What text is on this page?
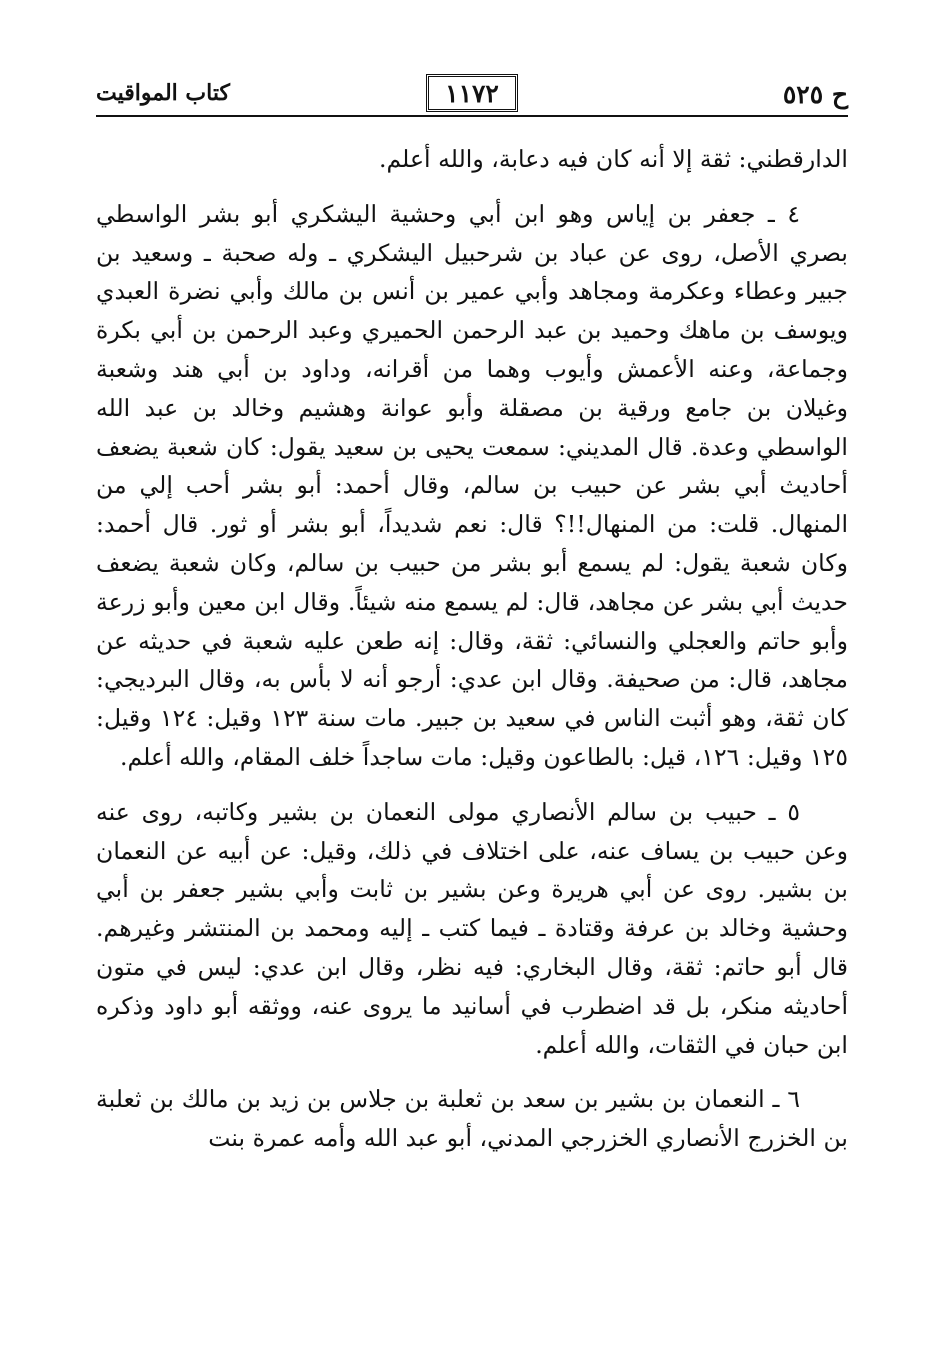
ح ٥٢٥
١١٧٢
كتاب المواقيت

الدارقطني: ثقة إلا أنه كان فيه دعابة، والله أعلم.

٤ ـ جعفر بن إياس وهو ابن أبي وحشية اليشكري أبو بشر الواسطي بصري الأصل، روى عن عباد بن شرحبيل اليشكري ـ وله صحبة ـ وسعيد بن جبير وعطاء وعكرمة ومجاهد وأبي عمير بن أنس بن مالك وأبي نضرة العبدي ويوسف بن ماهك وحميد بن عبد الرحمن الحميري وعبد الرحمن بن أبي بكرة وجماعة، وعنه الأعمش وأيوب وهما من أقرانه، وداود بن أبي هند وشعبة وغيلان بن جامع ورقية بن مصقلة وأبو عوانة وهشيم وخالد بن عبد الله الواسطي وعدة. قال المديني: سمعت يحيى بن سعيد يقول: كان شعبة يضعف أحاديث أبي بشر عن حبيب بن سالم، وقال أحمد: أبو بشر أحب إلي من المنهال. قلت: من المنهال!!؟ قال: نعم شديداً، أبو بشر أو ثور. قال أحمد: وكان شعبة يقول: لم يسمع أبو بشر من حبيب بن سالم، وكان شعبة يضعف حديث أبي بشر عن مجاهد، قال: لم يسمع منه شيئاً. وقال ابن معين وأبو زرعة وأبو حاتم والعجلي والنسائي: ثقة، وقال: إنه طعن عليه شعبة في حديثه عن مجاهد، قال: من صحيفة. وقال ابن عدي: أرجو أنه لا بأس به، وقال البرديجي: كان ثقة، وهو أثبت الناس في سعيد بن جبير. مات سنة ١٢٣ وقيل: ١٢٤ وقيل: ١٢٥ وقيل: ١٢٦، قيل: بالطاعون وقيل: مات ساجداً خلف المقام، والله أعلم.

٥ ـ حبيب بن سالم الأنصاري مولى النعمان بن بشير وكاتبه، روى عنه وعن حبيب بن يساف عنه، على اختلاف في ذلك، وقيل: عن أبيه عن النعمان بن بشير. روى عن أبي هريرة وعن بشير بن ثابت وأبي بشير جعفر بن أبي وحشية وخالد بن عرفة وقتادة ـ فيما كتب ـ إليه ومحمد بن المنتشر وغيرهم. قال أبو حاتم: ثقة، وقال البخاري: فيه نظر، وقال ابن عدي: ليس في متون أحاديثه منكر، بل قد اضطرب في أسانيد ما يروى عنه، ووثقه أبو داود وذكره ابن حبان في الثقات، والله أعلم.

٦ ـ النعمان بن بشير بن سعد بن ثعلبة بن جلاس بن زيد بن مالك بن ثعلبة بن الخزرج الأنصاري الخزرجي المدني، أبو عبد الله وأمه عمرة بنت
